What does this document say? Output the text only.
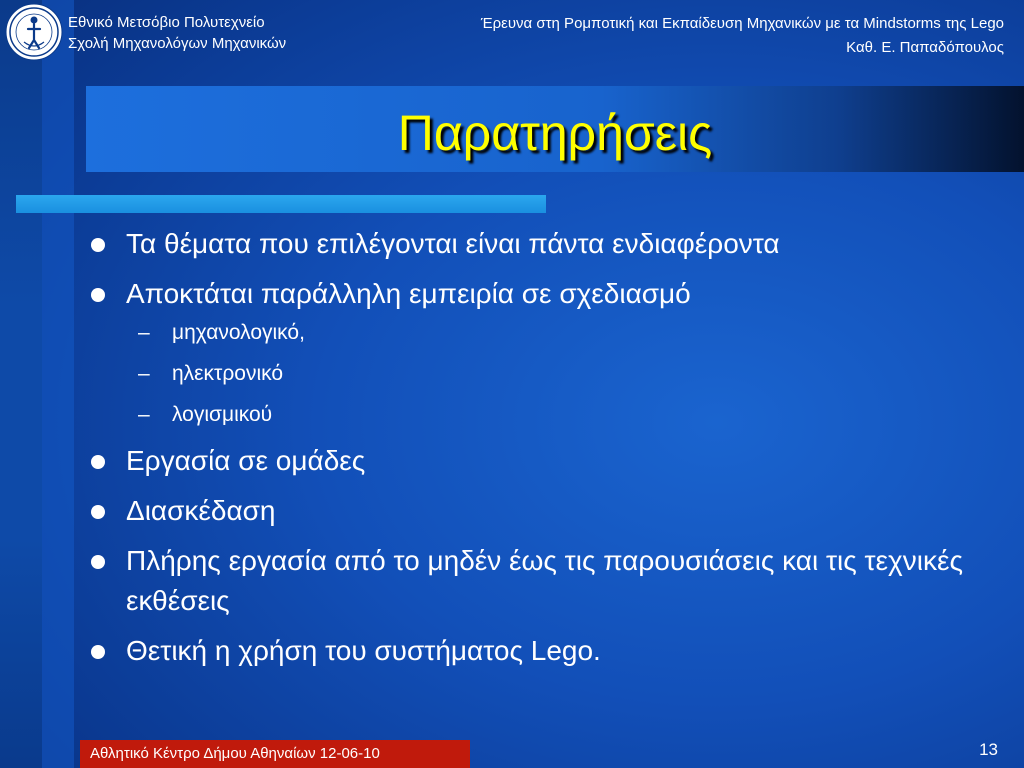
Εθνικό Μετσόβιο Πολυτεχνείο
Σχολή Μηχανολόγων Μηχανικών
Έρευνα στη Ρομποτική και Εκπαίδευση Μηχανικών με τα Mindstorms της Lego
Καθ. Ε. Παπαδόπουλος
Παρατηρήσεις
Τα θέματα που επιλέγονται είναι πάντα ενδιαφέροντα
Αποκτάται παράλληλη εμπειρία σε σχεδιασμό
– μηχανολογικό,
– ηλεκτρονικό
– λογισμικού
Εργασία σε ομάδες
Διασκέδαση
Πλήρης εργασία από το μηδέν έως τις παρουσιάσεις και τις τεχνικές εκθέσεις
Θετική η χρήση του συστήματος Lego.
Αθλητικό Κέντρο Δήμου Αθηναίων 12-06-10	13
